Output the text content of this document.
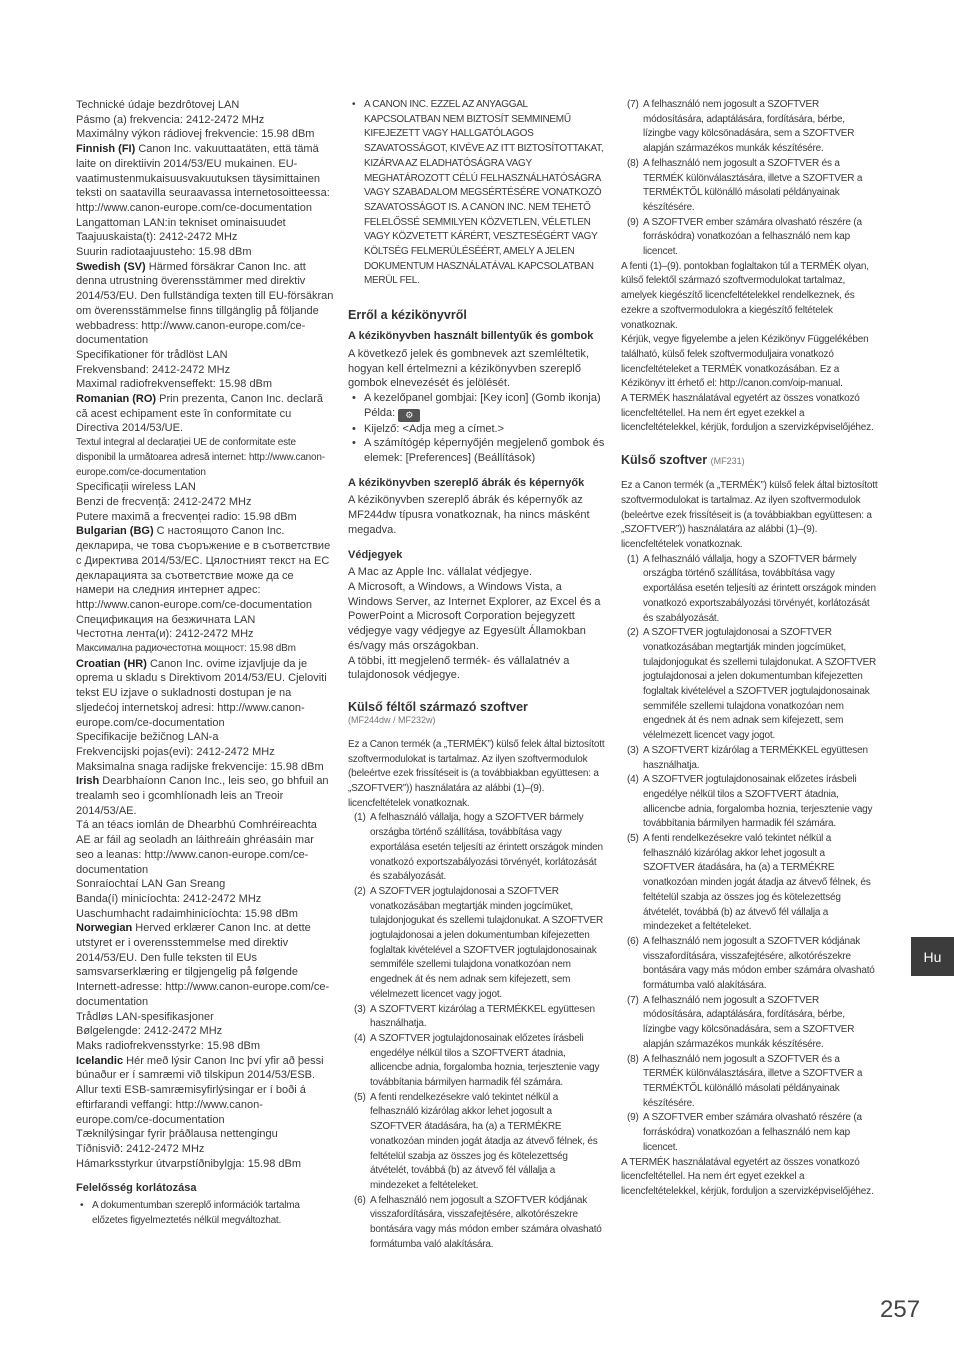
Technické údaje bezdrôtovej LAN

Pásmo (a) frekvencia: 2412-2472 MHz

Maximálny výkon rádiovej frekvencie: 15.98 dBm

Finnish (FI) Canon Inc. vakuuttaatäten, että tämä laite on direktiivin 2014/53/EU mukainen. EU-vaatimustenmukaisuusvakuutuksen täysimittainen teksti on saatavilla seuraavassa internetosoitteessa: http://www.canon-europe.com/ce-documentation

Langattoman LAN:in tekniset ominaisuudet

Taajuuskaista(t): 2412-2472 MHz

Suurin radiotaajuusteho: 15.98 dBm

Swedish (SV) Härmed försäkrar Canon Inc. att denna utrustning överensstämmer med direktiv 2014/53/EU. Den fullständiga texten till EU-försäkran om överensstämmelse finns tillgänglig på följande webbadress: http://www.canon-europe.com/ce-documentation

Specifikationer för trådlöst LAN

Frekvensband: 2412-2472 MHz

Maximal radiofrekvenseffekt: 15.98 dBm

Romanian (RO) Prin prezenta, Canon Inc. declară că acest echipament este în conformitate cu Directiva 2014/53/UE.

Textul integral al declarației UE de conformitate este disponibil la următoarea adresă internet: http://www.canon-europe.com/ce-documentation

Specificații wireless LAN

Benzi de frecvență: 2412-2472 MHz

Putere maximă a frecvenței radio: 15.98 dBm

Bulgarian (BG) С настоящото Canon Inc. декларира, че това съоръжение е в съответствие с Директива 2014/53/ЕС. Цялостният текст на ЕС декларацията за съответствие може да се намери на следния интернет адрес: http://www.canon-europe.com/ce-documentation

Спецификация на безжичната LAN

Честотна лента(и): 2412-2472 MHz

Максимална радиочестотна мощност: 15.98 dBm

Croatian (HR) Canon Inc. ovime izjavljuje da je oprema u skladu s Direktivom 2014/53/EU. Cjeloviti tekst EU izjave o sukladnosti dostupan je na sljedećoj internetskoj adresi: http://www.canon-europe.com/ce-documentation

Specifikacije bežičnog LAN-a

Frekvencijski pojas(evi): 2412-2472 MHz

Maksimalna snaga radijske frekvencije: 15.98 dBm

Irish Dearbhaíonn Canon Inc., leis seo, go bhfuil an trealamh seo i gcomhlíonadh leis an Treoir 2014/53/AE.

Tá an téacs iomlán de Dhearbhú Comhréireachta AE ar fáil ag seoladh an láithreáin ghréasáin mar seo a leanas: http://www.canon-europe.com/ce-documentation

Sonraíochtaí LAN Gan Sreang

Banda(í) minicíochta: 2412-2472 MHz

Uaschumhacht radaimhinicíochta: 15.98 dBm

Norwegian Herved erklærer Canon Inc. at dette utstyret er i overensstemmelse med direktiv 2014/53/EU. Den fulle teksten til EUs samsvarserklæring er tilgjengelig på følgende Internett-adresse: http://www.canon-europe.com/ce-documentation

Trådløs LAN-spesifikasjoner

Bølgelengde: 2412-2472 MHz

Maks radiofrekvensstyrke: 15.98 dBm

Icelandic Hér með lýsir Canon Inc því yfir að þessi búnaður er í samræmi við tilskipun 2014/53/ESB. Allur texti ESB-samræmisyfirlýsingar er í boði á eftirfarandi veffangi: http://www.canon-europe.com/ce-documentation

Tæknilýsingar fyrir þráðlausa nettengingu

Tíðnisvið: 2412-2472 MHz

Hámarksstyrkur útvarpstíðnibylgja: 15.98 dBm

Felelősség korlátozása
• A dokumentumban szereplő információk tartalma előzetes figyelmeztetés nélkül megváltozhat.
• A CANON INC. EZZEL AZ ANYAGGAL KAPCSOLATBAN NEM BIZTOSÍT SEMMINEMŰ KIFEJEZETT VAGY HALLGATÓLAGOS SZAVATOSSÁGOT, KIVÉVE AZ ITT BIZTOSÍTOTTAKAT, KIZÁRVA AZ ELADHATÓSÁGRA VAGY MEGHATÁROZOTT CÉLÚ FELHASZNÁLHATÓSÁGRA VAGY SZABADALOM MEGSÉRTÉSÉRE VONATKOZÓ SZAVATOSSÁGOT IS. A CANON INC. NEM TEHETŐ FELELŐSSÉ SEMMILYEN KÖZVETLEN, VÉLETLEN VAGY KÖZVETETT KÁRÉRT, VESZTESÉGÉRT VAGY KÖLTSÉG FELMERÜLÉSÉÉRT, AMELY A JELEN DOKUMENTUM HASZNÁLATÁVAL KAPCSOLATBAN MERÜL FEL.
Erről a kézikönyvről
A kézikönyvben használt billentyűk és gombok

A következő jelek és gombnevek azt szemléltetik, hogyan kell értelmezni a kézikönyvben szereplő gombok elnevezését és jelölését.

• A kezelőpanel gombjai: [Key icon] (Gomb ikonja) Példa: ⚙
• Kijelző: <Adja meg a címet.>
• A számítógép képernyőjén megjelenő gombok és elemek: [Preferences] (Beállítások)
A kézikönyvben szereplő ábrák és képernyők

A kézikönyvben szereplő ábrák és képernyők az MF244dw típusra vonatkoznak, ha nincs másként megadva.

Védjegyek

A Mac az Apple Inc. vállalat védjegye.

A Microsoft, a Windows, a Windows Vista, a Windows Server, az Internet Explorer, az Excel és a PowerPoint a Microsoft Corporation bejegyzett védjegye vagy védjegye az Egyesült Államokban és/vagy más országokban.

A többi, itt megjelenő termék- és vállalatnév a tulajdonosok védjegye.

Külső féltől származó szoftver
(MF244dw / MF232w)

Ez a Canon termék (a „TERMÉK”) külső felek által biztosított szoftvermodulokat is tartalmaz. Az ilyen szoftvermodulok (beleértve ezek frissítéseit is (a továbbiakban együttesen: a „SZOFTVER”)) használatára az alábbi (1)–(9). licencfeltételek vonatkoznak.

(1) A felhasználó vállalja, hogy a SZOFTVER bármely országba történő szállítása, továbbítása vagy exportálása esetén teljesíti az érintett országok minden vonatkozó exportszabályozási törvényét, korlátozását és szabályozását.
(2) A SZOFTVER jogtulajdonosai a SZOFTVER vonatkozásában megtartják minden jogcímüket, tulajdonjogukat és szellemi tulajdonukat. A SZOFTVER jogtulajdonosai a jelen dokumentumban kifejezetten foglaltak kivételével a SZOFTVER jogtulajdonosainak semmiféle szellemi tulajdona vonatkozóan nem engednek át és nem adnak sem kifejezett, sem vélelmezett licencet vagy jogot.
(3) A SZOFTVERT kizárólag a TERMÉKKEL együttesen használhatja.
(4) A SZOFTVER jogtulajdonosainak előzetes írásbeli engedélye nélkül tilos a SZOFTVERT átadnia, allicencbe adnia, forgalomba hoznia, terjesztenie vagy továbbítania bármilyen harmadik fél számára.
(5) A fenti rendelkezésekre való tekintet nélkül a felhasználó kizárólag akkor lehet jogosult a SZOFTVER átadására, ha (a) a TERMÉKRE vonatkozóan minden jogát átadja az átvevő félnek, és feltételül szabja az összes jog és kötelezettség átvételét, továbbá (b) az átvevő fél vállalja a mindezeket a feltételeket.
(6) A felhasználó nem jogosult a SZOFTVER kódjának visszafordítására, visszafejtésére, alkotórészekre bontására vagy más módon ember számára olvasható formátumba való alakítására.
(7) A felhasználó nem jogosult a SZOFTVER módosítására, adaptálására, fordítására, bérbe, lízingbe vagy kölcsönadására, sem a SZOFTVER alapján származékos munkák készítésére.
(8) A felhasználó nem jogosult a SZOFTVER és a TERMÉK különválasztására, illetve a SZOFTVER a TERMÉKTŐL különálló másolati példányainak készítésére.
(9) A SZOFTVER ember számára olvasható részére (a forráskódra) vonatkozóan a felhasználó nem kap licencet.

A fenti (1)–(9). pontokban foglaltakon túl a TERMÉK olyan, külső felektől származó szoftvermodulokat tartalmaz, amelyek kiegészítő licencfeltételekkel rendelkeznek, és ezekre a szoftvermodulokra a kiegészítő feltételek vonatkoznak.

Kérjük, vegye figyelembe a jelen Kézikönyv Függelékében található, külső felek szoftvermoduljaira vonatkozó licencfeltételeket a TERMÉK vonatkozásában. Ez a Kézikönyv itt érhető el: http://canon.com/oip-manual.

A TERMÉK használatával egyetért az összes vonatkozó licencfeltétellel. Ha nem ért egyet ezekkel a licencfeltételekkel, kérjük, forduljon a szervizképviselőjéhez.

Külső szoftver (MF231)

Ez a Canon termék (a „TERMÉK”) külső felek által biztosított szoftvermodulokat is tartalmaz. Az ilyen szoftvermodulok (beleértve ezek frissítéseit is (a továbbiakban együttesen: a „SZOFTVER”)) használatára az alábbi (1)–(9). licencfeltételek vonatkoznak.

(1) A felhasználó vállalja, hogy a SZOFTVER bármely országba történő szállítása, továbbítása vagy exportálása esetén teljesíti az érintett országok minden vonatkozó exportszabályozási törvényét, korlátozását és szabályozását.
(2) A SZOFTVER jogtulajdonosai a SZOFTVER vonatkozásában megtartják minden jogcímüket, tulajdonjogukat és szellemi tulajdonukat. A SZOFTVER jogtulajdonosai a jelen dokumentumban kifejezetten foglaltak kivételével a SZOFTVER jogtulajdonosainak semmiféle szellemi tulajdona vonatkozóan nem engednek át és nem adnak sem kifejezett, sem vélelmezett licencet vagy jogot.
(3) A SZOFTVERT kizárólag a TERMÉKKEL együttesen használhatja.
(4) A SZOFTVER jogtulajdonosainak előzetes írásbeli engedélye nélkül tilos a SZOFTVERT átadnia, allicencbe adnia, forgalomba hoznia, terjesztenie vagy továbbítania bármilyen harmadik fél számára.
(5) A fenti rendelkezésekre való tekintet nélkül a felhasználó kizárólag akkor lehet jogosult a SZOFTVER átadására, ha (a) a TERMÉKRE vonatkozóan minden jogát átadja az átvevő félnek, és feltételül szabja az összes jog és kötelezettség átvételét, továbbá (b) az átvevő fél vállalja a mindezeket a feltételeket.
(6) A felhasználó nem jogosult a SZOFTVER kódjának visszafordítására, visszafejtésére, alkotórészekre bontására vagy más módon ember számára olvasható formátumba való alakítására.
(7) A felhasználó nem jogosult a SZOFTVER módosítására, adaptálására, fordítására, bérbe, lízingbe vagy kölcsönadására, sem a SZOFTVER alapján származékos munkák készítésére.
(8) A felhasználó nem jogosult a SZOFTVER és a TERMÉK különválasztására, illetve a SZOFTVER a TERMÉKTŐL különálló másolati példányainak készítésére.
(9) A SZOFTVER ember számára olvasható részére (a forráskódra) vonatkozóan a felhasználó nem kap licencet.

A TERMÉK használatával egyetért az összes vonatkozó licencfeltétellel. Ha nem ért egyet ezekkel a licencfeltételekkel, kérjük, forduljon a szervizképviselőjéhez.

Hu
257
